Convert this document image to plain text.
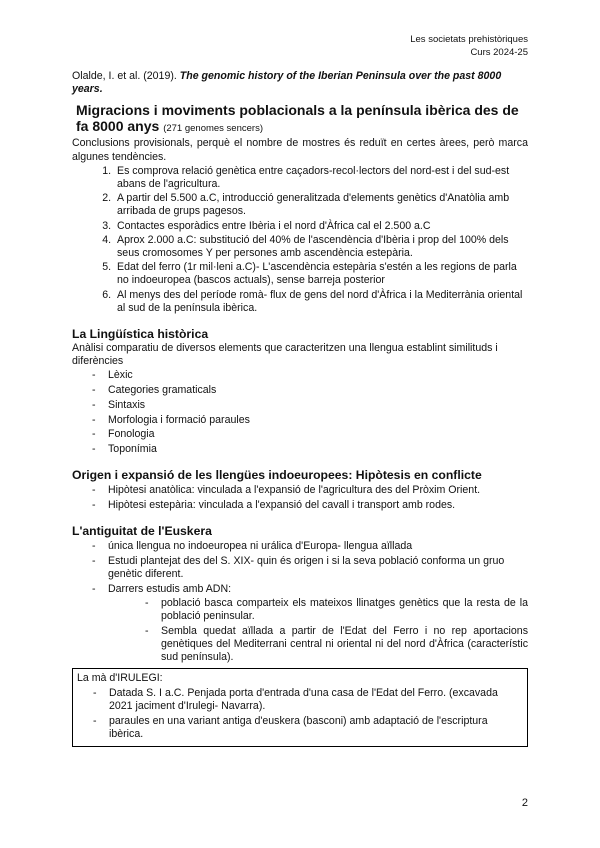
Les societats prehistòriques
Curs 2024-25

Olalde, I. et al. (2019). The genomic history of the Iberian Peninsula over the past 8000 years.

Migracions i moviments poblacionals a la península ibèrica des de fa 8000 anys (271 genomes sencers)

Conclusions provisionals, perquè el nombre de mostres és reduït en certes àrees, però marca algunes tendències.

1. Es comprova relació genètica entre caçadors-recol·lectors del nord-est i del sud-est abans de l'agricultura.
2. A partir del 5.500 a.C, introducció generalitzada d'elements genètics d'Anatòlia amb arribada de grups pagesos.
3. Contactes esporàdics entre Ibèria i el nord d'Àfrica cal el 2.500 a.C
4. Aprox 2.000 a.C: substitució del 40% de l'ascendència d'Ibèria i prop del 100% dels seus cromosomes Y per persones amb ascendència estepària.
5. Edat del ferro (1r mil·leni a.C)- L'ascendència estepària s'estén a les regions de parla no indoeuropea (bascos actuals), sense barreja posterior
6. Al menys des del període romà- flux de gens del nord d'Àfrica i la Mediterrània oriental al sud de la península ibèrica.
La Lingüística històrica

Anàlisi comparatiu de diversos elements que caracteritzen una llengua establint similituds i diferències

- Lèxic
- Categories gramaticals
- Sintaxis
- Morfologia i formació paraules
- Fonologia
- Toponímia
Origen i expansió de les llengües indoeuropees: Hipòtesis en conflicte
- Hipòtesi anatòlica: vinculada a l'expansió de l'agricultura des del Pròxim Orient.
- Hipòtesi estepària: vinculada a l'expansió del cavall i transport amb rodes.
L'antiguitat de l'Euskera
- única llengua no indoeuropea ni urálica d'Europa- llengua aïllada
- Estudi plantejat des del S. XIX- quin és origen i si la seva població conforma un gruo genètic diferent.
- Darrers estudis amb ADN:
- població basca comparteix els mateixos llinatges genètics que la resta de la població peninsular.
- Sembla quedat aïllada a partir de l'Edat del Ferro i no rep aportacions genètiques del Mediterrani central ni oriental ni del nord d'Àfrica (característic sud península).
La mà d'IRULEGI:
- Datada S. I a.C. Penjada porta d'entrada d'una casa de l'Edat del Ferro. (excavada 2021 jaciment d'Irulegi- Navarra).
- paraules en una variant antiga d'euskera (basconi) amb adaptació de l'escriptura ibèrica.
2
